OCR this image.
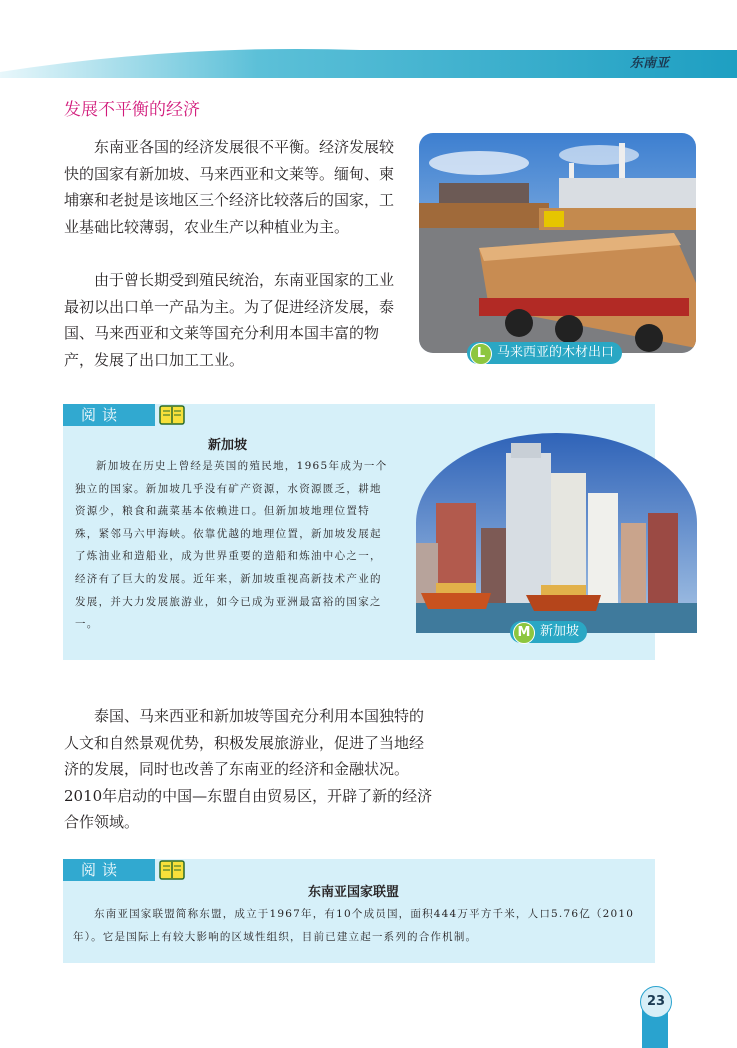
东南亚
发展不平衡的经济

东南亚各国的经济发展很不平衡。经济发展较快的国家有新加坡、马来西亚和文莱等。缅甸、柬埔寨和老挝是该地区三个经济比较落后的国家，工业基础比较薄弱，农业生产以种植业为主。

由于曾长期受到殖民统治，东南亚国家的工业最初以出口单一产品为主。为了促进经济发展，泰国、马来西亚和文莱等国充分利用本国丰富的物产，发展了出口加工工业。	L 马来西亚的木材出口
阅读
新加坡

新加坡在历史上曾经是英国的殖民地，1965年成为一个独立的国家。新加坡几乎没有矿产资源，水资源匮乏，耕地资源少，粮食和蔬菜基本依赖进口。但新加坡地理位置特殊，紧邻马六甲海峡。依靠优越的地理位置，新加坡发展起了炼油业和造船业，成为世界重要的造船和炼油中心之一，经济有了巨大的发展。近年来，新加坡重视高新技术产业的发展，并大力发展旅游业，如今已成为亚洲最富裕的国家之一。

M 新加坡

泰国、马来西亚和新加坡等国充分利用本国独特的人文和自然景观优势，积极发展旅游业，促进了当地经济的发展，同时也改善了东南亚的经济和金融状况。2010年启动的中国—东盟自由贸易区，开辟了新的经济合作领域。

阅读
东南亚国家联盟

东南亚国家联盟简称东盟，成立于1967年，有10个成员国，面积444万平方千米，人口5.76亿（2010年）。它是国际上有较大影响的区域性组织，目前已建立起一系列的合作机制。

23
